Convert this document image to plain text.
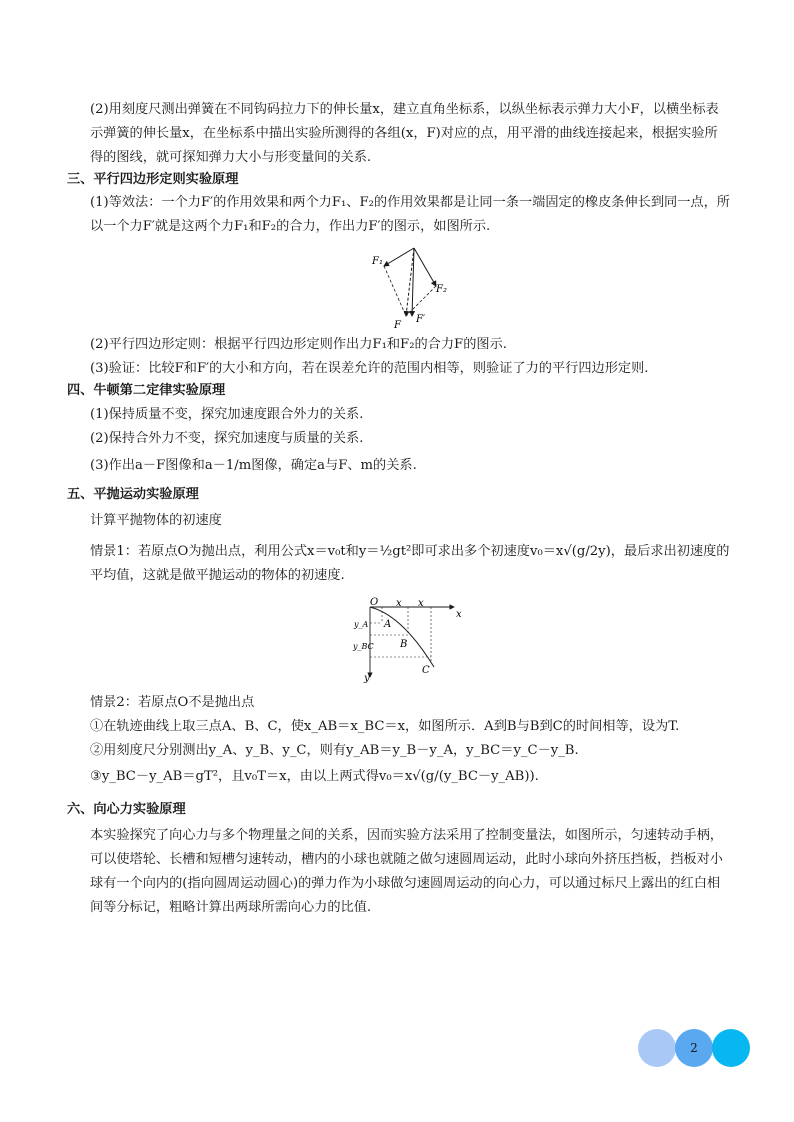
(2)用刻度尺测出弹簧在不同钩码拉力下的伸长量x，建立直角坐标系，以纵坐标表示弹力大小F，以横坐标表示弹簧的伸长量x，在坐标系中描出实验所测得的各组(x，F)对应的点，用平滑的曲线连接起来，根据实验所得的图线，就可探知弹力大小与形变量间的关系.

三、平行四边形定则实验原理

(1)等效法：一个力F′的作用效果和两个力F₁、F₂的作用效果都是让同一条一端固定的橡皮条伸长到同一点，所以一个力F′就是这两个力F₁和F₂的合力，作出力F′的图示，如图所示.

F₁
F₂
F
F′

(2)平行四边形定则：根据平行四边形定则作出力F₁和F₂的合力F的图示.

(3)验证：比较F和F′的大小和方向，若在误差允许的范围内相等，则验证了力的平行四边形定则.

四、牛顿第二定律实验原理

(1)保持质量不变，探究加速度跟合外力的关系.

(2)保持合外力不变，探究加速度与质量的关系.

(3)作出a－F图像和a－1/m图像，确定a与F、m的关系.

五、平抛运动实验原理

计算平抛物体的初速度

情景1：若原点O为抛出点，利用公式x＝v₀t和y＝½gt²即可求出多个初速度v₀＝x√(g/2y)，最后求出初速度的平均值，这就是做平抛运动的物体的初速度.

O x x
x
y_A
y_BC
A
B
C
y

情景2：若原点O不是抛出点

①在轨迹曲线上取三点A、B、C，使x_AB＝x_BC＝x，如图所示．A到B与B到C的时间相等，设为T.

②用刻度尺分别测出y_A、y_B、y_C，则有y_AB＝y_B－y_A，y_BC＝y_C－y_B.

③y_BC－y_AB＝gT²，且v₀T＝x，由以上两式得v₀＝x√(g/(y_BC－y_AB)).

六、向心力实验原理

本实验探究了向心力与多个物理量之间的关系，因而实验方法采用了控制变量法，如图所示，匀速转动手柄，可以使塔轮、长槽和短槽匀速转动，槽内的小球也就随之做匀速圆周运动，此时小球向外挤压挡板，挡板对小球有一个向内的(指向圆周运动圆心)的弹力作为小球做匀速圆周运动的向心力，可以通过标尺上露出的红白相间等分标记，粗略计算出两球所需向心力的比值.

2
